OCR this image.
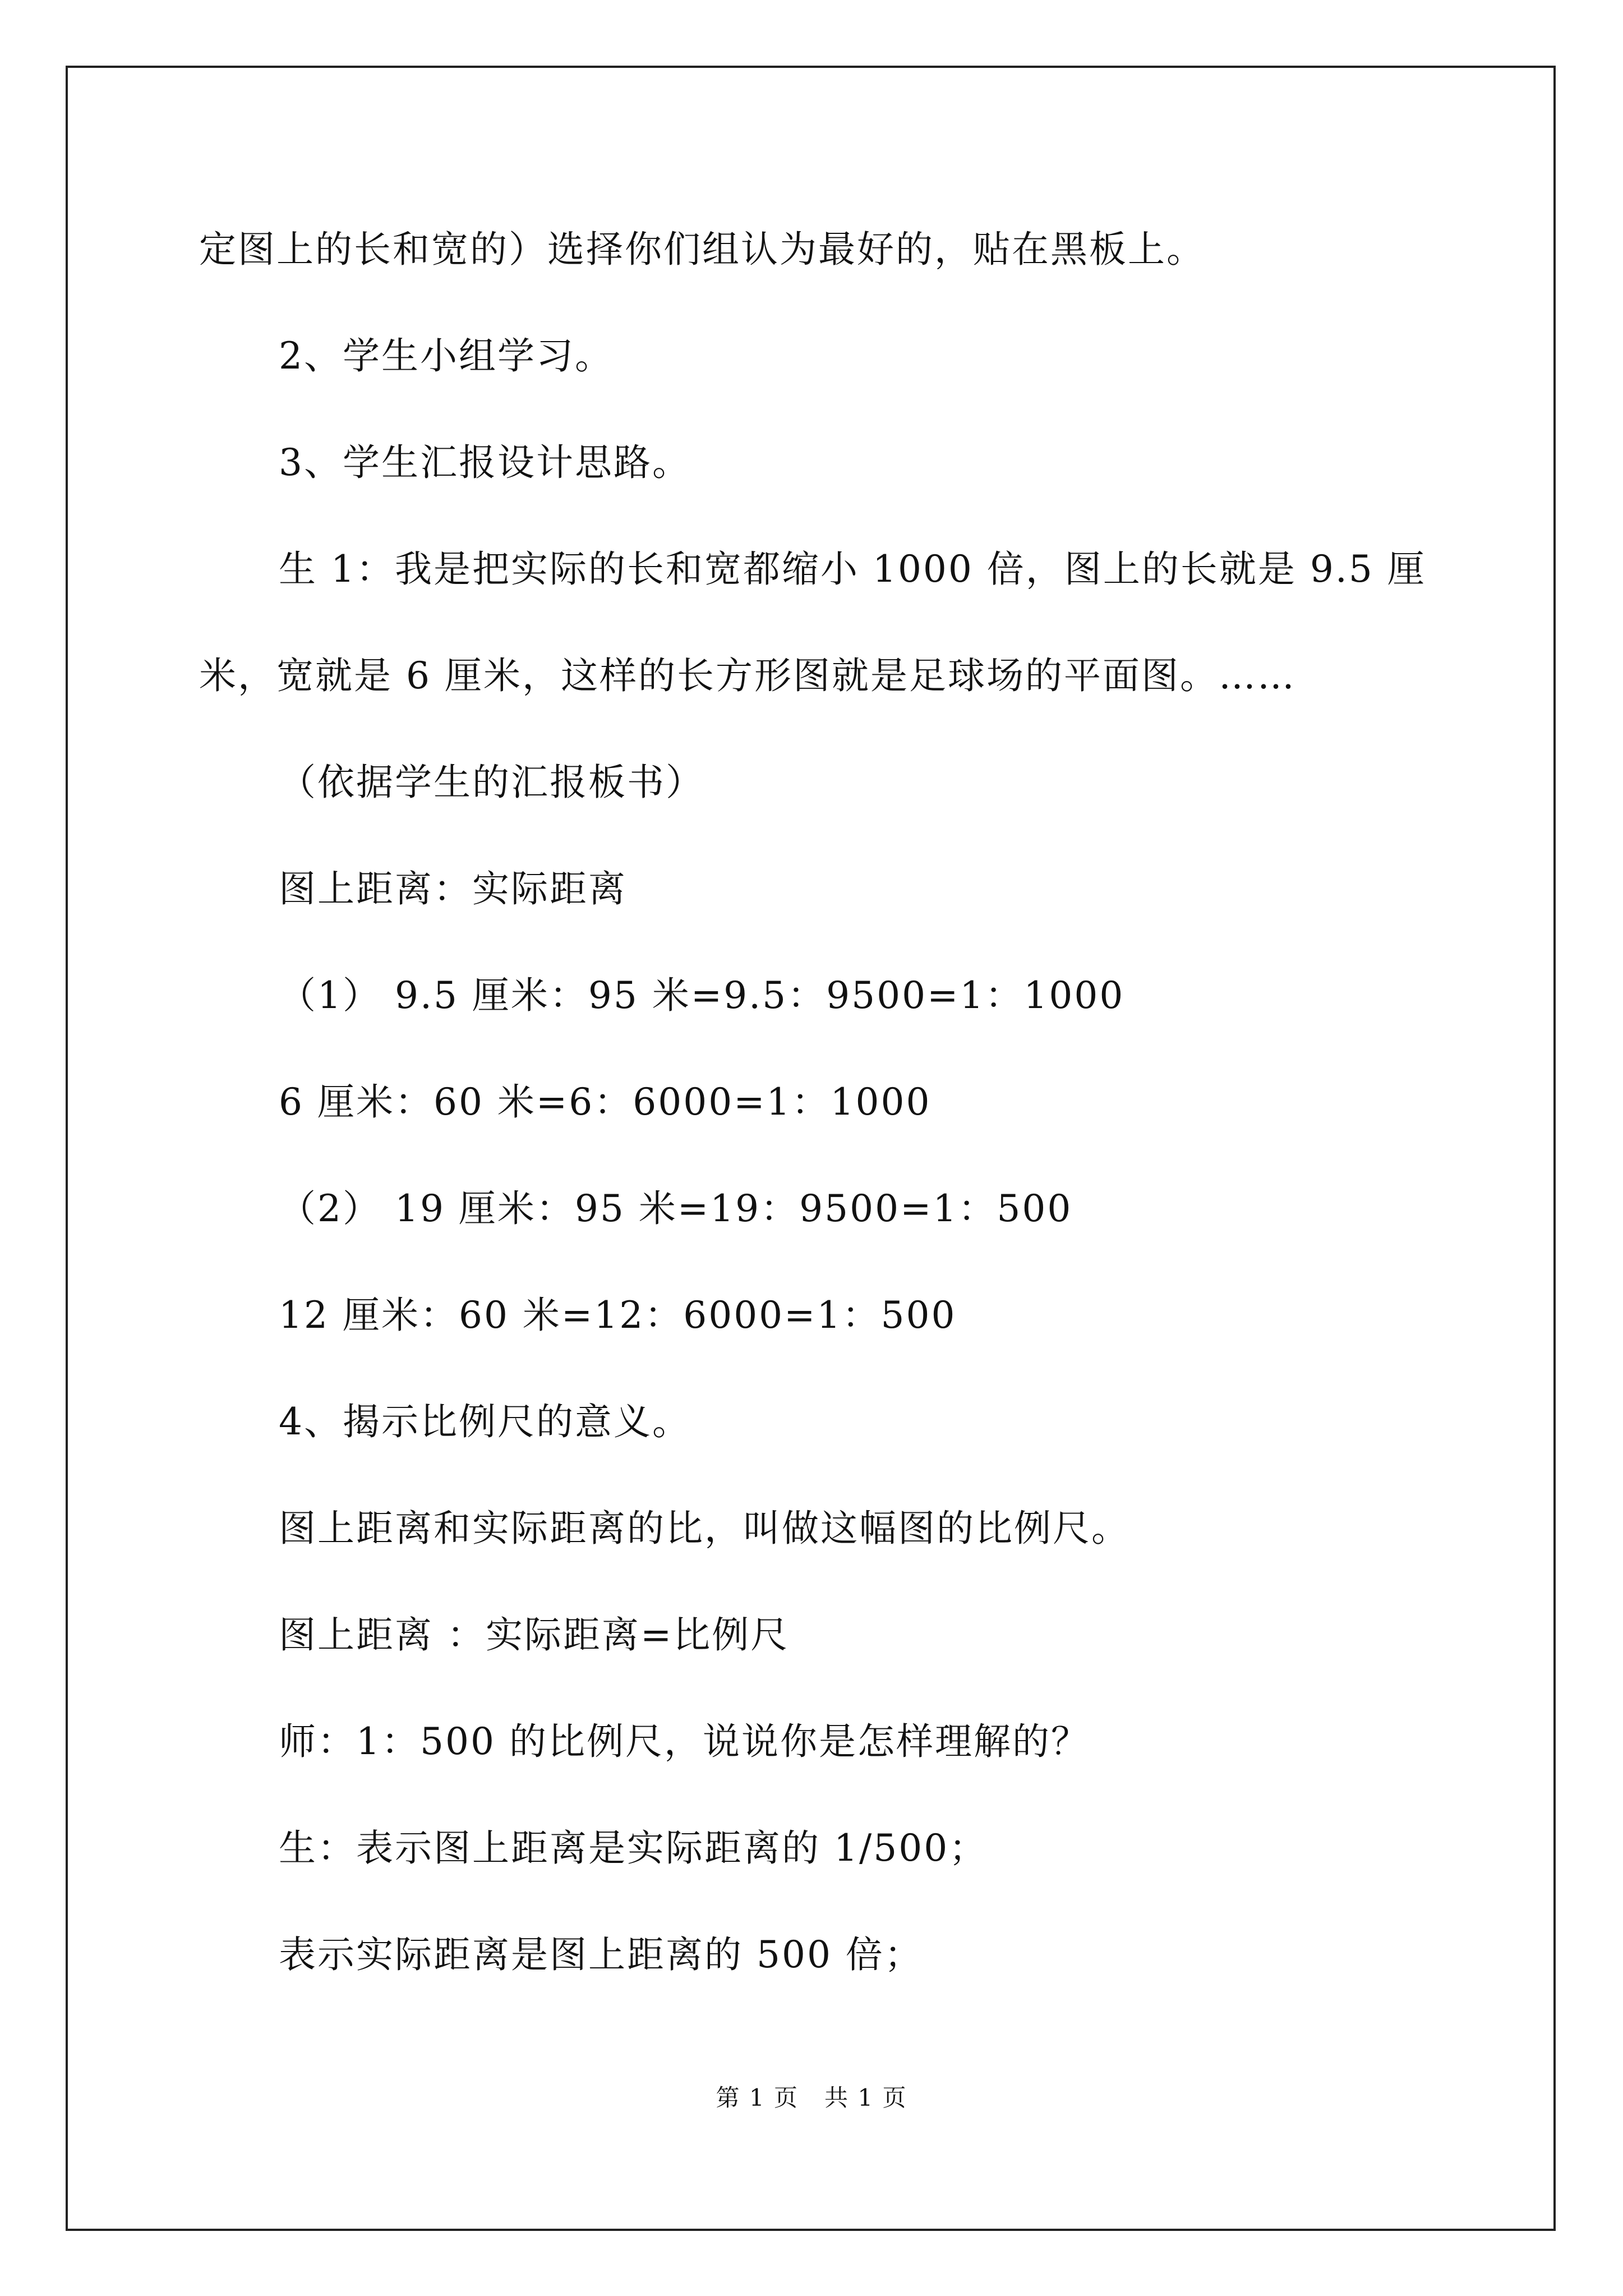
定图上的长和宽的）选择你们组认为最好的，贴在黑板上。
2、学生小组学习。
3、学生汇报设计思路。
生 1：我是把实际的长和宽都缩小 1000 倍，图上的长就是 9.5 厘
米，宽就是 6 厘米，这样的长方形图就是足球场的平面图。……
（依据学生的汇报板书）
图上距离：实际距离
（1） 9.5 厘米：95 米=9.5：9500=1：1000
6 厘米：60 米=6：6000=1：1000
（2） 19 厘米：95 米=19：9500=1：500
12 厘米：60 米=12：6000=1：500
4、揭示比例尺的意义。
图上距离和实际距离的比，叫做这幅图的比例尺。
图上距离 ：实际距离=比例尺
师：1：500 的比例尺，说说你是怎样理解的？
生：表示图上距离是实际距离的 1/500；
表示实际距离是图上距离的 500 倍；
第 1 页   共 1 页
